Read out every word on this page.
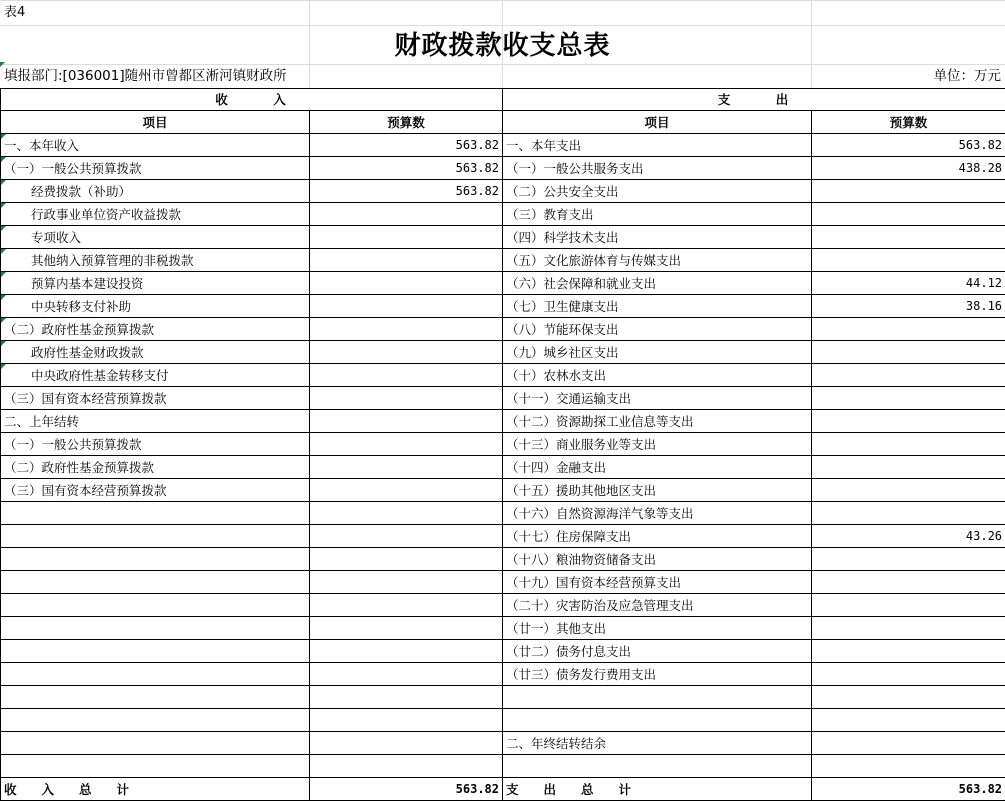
表4
财政拨款收支总表
填报部门:[036001]随州市曾都区淅河镇财政所	单位：万元
收　　　入		支　　　出	
项目	预算数	项目	预算数
一、本年收入	563.82	一、本年支出	563.82
（一）一般公共预算拨款	563.82	（一）一般公共服务支出	438.28
经费拨款（补助）	563.82	（二）公共安全支出	
行政事业单位资产收益拨款		（三）教育支出	
专项收入		（四）科学技术支出	
其他纳入预算管理的非税拨款		（五）文化旅游体育与传媒支出	
预算内基本建设投资		（六）社会保障和就业支出	44.12
中央转移支付补助		（七）卫生健康支出	38.16
（二）政府性基金预算拨款		（八）节能环保支出	
政府性基金财政拨款		（九）城乡社区支出	
中央政府性基金转移支付		（十）农林水支出	
（三）国有资本经营预算拨款		（十一）交通运输支出	
二、上年结转		（十二）资源勘探工业信息等支出	
（一）一般公共预算拨款		（十三）商业服务业等支出	
（二）政府性基金预算拨款		（十四）金融支出	
（三）国有资本经营预算拨款		（十五）援助其他地区支出	
		（十六）自然资源海洋气象等支出	
		（十七）住房保障支出	43.26
		（十八）粮油物资储备支出	
		（十九）国有资本经营预算支出	
		（二十）灾害防治及应急管理支出	
		（廿一）其他支出	
		（廿二）债务付息支出	
		（廿三）债务发行费用支出	

		二、年终结转结余	

收　　入　　总　　计	563.82	支　　出　　总　　计	563.82
